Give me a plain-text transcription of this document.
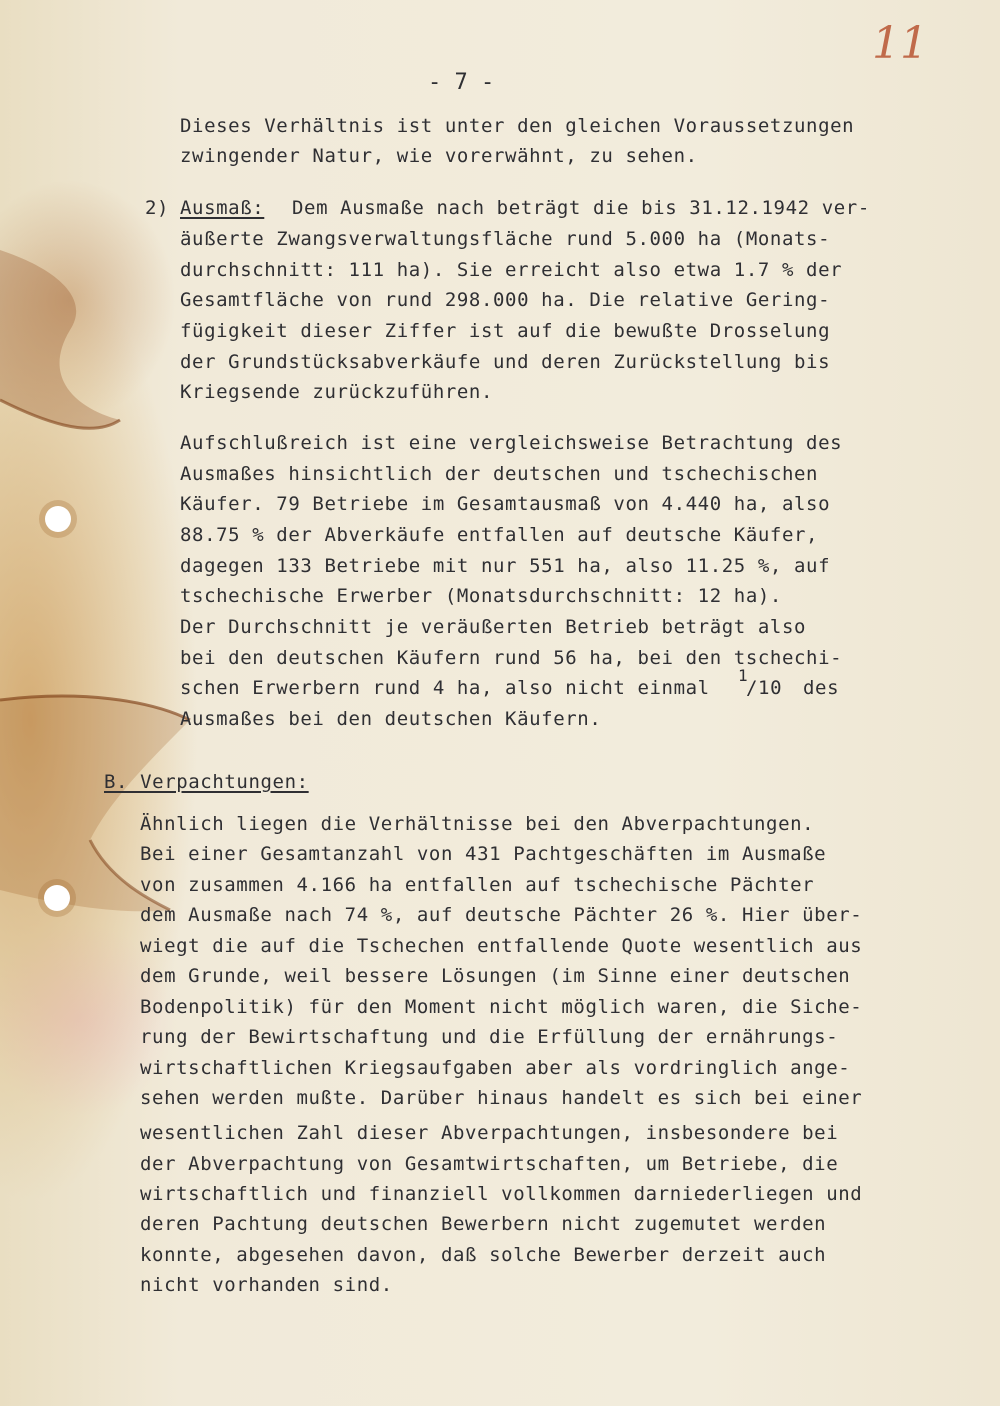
11
- 7 -
Dieses Verhältnis ist unter den gleichen Voraussetzungen
zwingender Natur, wie vorerwähnt, zu sehen.
2) Ausmaß: Dem Ausmaße nach beträgt die bis 31.12.1942 ver-
äußerte Zwangsverwaltungsfläche rund 5.000 ha (Monats-
durchschnitt: 111 ha). Sie erreicht also etwa 1.7 % der
Gesamtfläche von rund 298.000 ha. Die relative Gering-
fügigkeit dieser Ziffer ist auf die bewußte Drosselung
der Grundstücksabverkäufe und deren Zurückstellung bis
Kriegsende zurückzuführen.
Aufschlußreich ist eine vergleichsweise Betrachtung des
Ausmaßes hinsichtlich der deutschen und tschechischen
Käufer. 79 Betriebe im Gesamtausmaß von 4.440 ha, also
88.75 % der Abverkäufe entfallen auf deutsche Käufer,
dagegen 133 Betriebe mit nur 551 ha, also 11.25 %, auf
tschechische Erwerber (Monatsdurchschnitt: 12 ha).
Der Durchschnitt je veräußerten Betrieb beträgt also
bei den deutschen Käufern rund 56 ha, bei den tschechi-
schen Erwerbern rund 4 ha, also nicht einmal
1
/10 des
Ausmaßes bei den deutschen Käufern.
B. Verpachtungen:
Ähnlich liegen die Verhältnisse bei den Abverpachtungen.
Bei einer Gesamtanzahl von 431 Pachtgeschäften im Ausmaße
von zusammen 4.166 ha entfallen auf tschechische Pächter
dem Ausmaße nach 74 %, auf deutsche Pächter 26 %. Hier über-
wiegt die auf die Tschechen entfallende Quote wesentlich aus
dem Grunde, weil bessere Lösungen (im Sinne einer deutschen
Bodenpolitik) für den Moment nicht möglich waren, die Siche-
rung der Bewirtschaftung und die Erfüllung der ernährungs-
wirtschaftlichen Kriegsaufgaben aber als vordringlich ange-
sehen werden mußte. Darüber hinaus handelt es sich bei einer
wesentlichen Zahl dieser Abverpachtungen, insbesondere bei
der Abverpachtung von Gesamtwirtschaften, um Betriebe, die
wirtschaftlich und finanziell vollkommen darniederliegen und
deren Pachtung deutschen Bewerbern nicht zugemutet werden
konnte, abgesehen davon, daß solche Bewerber derzeit auch
nicht vorhanden sind.
